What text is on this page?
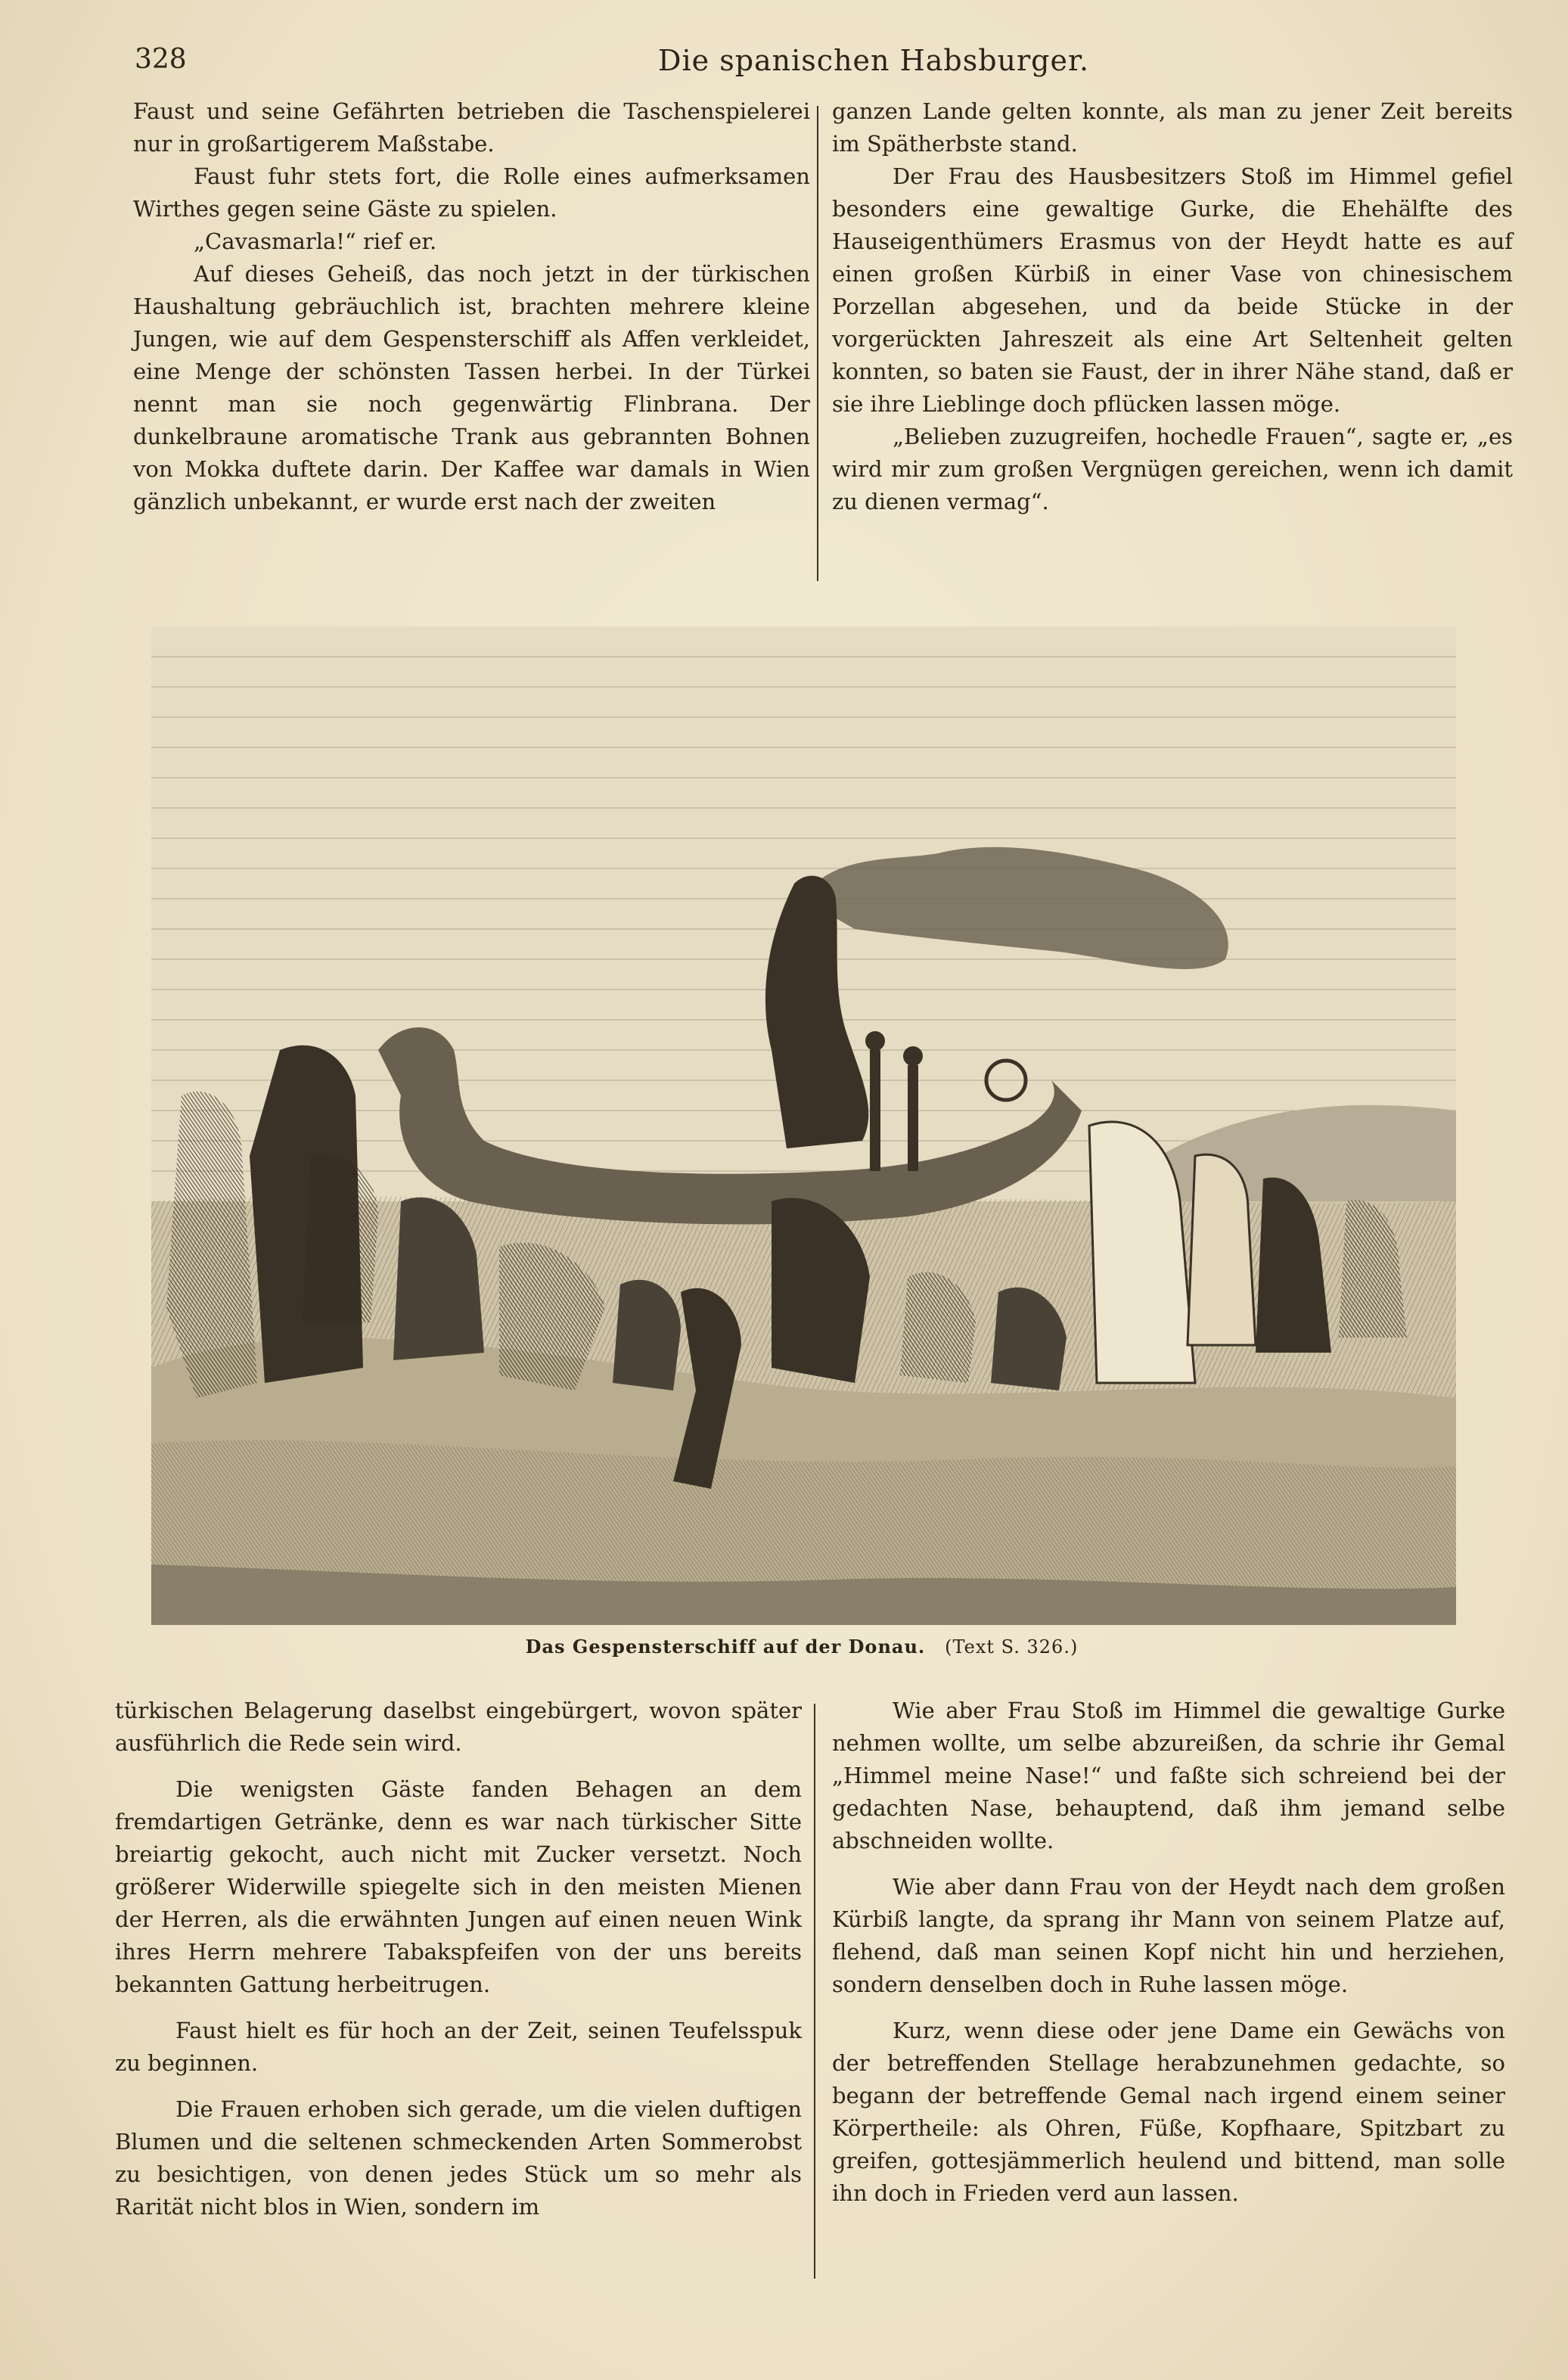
328	Die spanischen Habsburger.

Faust und seine Gefährten betrieben die Taschenspielerei nur in großartigerem Maßstabe.

Faust fuhr stets fort, die Rolle eines aufmerksamen Wirthes gegen seine Gäste zu spielen.

„Cavasmarla!“ rief er.

Auf dieses Geheiß, das noch jetzt in der türkischen Haushaltung gebräuchlich ist, brachten mehrere kleine Jungen, wie auf dem Gespensterschiff als Affen verkleidet, eine Menge der schönsten Tassen herbei. In der Türkei nennt man sie noch gegenwärtig Flinbrana. Der dunkelbraune aromatische Trank aus gebrannten Bohnen von Mokka duftete darin. Der Kaffee war damals in Wien gänzlich unbekannt, er wurde erst nach der zweiten

ganzen Lande gelten konnte, als man zu jener Zeit bereits im Spätherbste stand.

Der Frau des Hausbesitzers Stoß im Himmel gefiel besonders eine gewaltige Gurke, die Ehehälfte des Hauseigenthümers Erasmus von der Heydt hatte es auf einen großen Kürbiß in einer Vase von chinesischem Porzellan abgesehen, und da beide Stücke in der vorgerückten Jahreszeit als eine Art Seltenheit gelten konnten, so baten sie Faust, der in ihrer Nähe stand, daß er sie ihre Lieblinge doch pflücken lassen möge.

„Belieben zuzugreifen, hochedle Frauen“, sagte er, „es wird mir zum großen Vergnügen gereichen, wenn ich damit zu dienen vermag“.

Das Gespensterschiff auf der Donau. (Text S. 326.)

türkischen Belagerung daselbst eingebürgert, wovon später ausführlich die Rede sein wird.

Die wenigsten Gäste fanden Behagen an dem fremdartigen Getränke, denn es war nach türkischer Sitte breiartig gekocht, auch nicht mit Zucker versetzt. Noch größerer Widerwille spiegelte sich in den meisten Mienen der Herren, als die erwähnten Jungen auf einen neuen Wink ihres Herrn mehrere Tabakspfeifen von der uns bereits bekannten Gattung herbeitrugen.

Faust hielt es für hoch an der Zeit, seinen Teufelsspuk zu beginnen.

Die Frauen erhoben sich gerade, um die vielen duftigen Blumen und die seltenen schmeckenden Arten Sommerobst zu besichtigen, von denen jedes Stück um so mehr als Rarität nicht blos in Wien, sondern im

Wie aber Frau Stoß im Himmel die gewaltige Gurke nehmen wollte, um selbe abzureißen, da schrie ihr Gemal „Himmel meine Nase!“ und faßte sich schreiend bei der gedachten Nase, behauptend, daß ihm jemand selbe abschneiden wollte.

Wie aber dann Frau von der Heydt nach dem großen Kürbiß langte, da sprang ihr Mann von seinem Platze auf, flehend, daß man seinen Kopf nicht hin und herziehen, sondern denselben doch in Ruhe lassen möge.

Kurz, wenn diese oder jene Dame ein Gewächs von der betreffenden Stellage herabzunehmen gedachte, so begann der betreffende Gemal nach irgend einem seiner Körpertheile: als Ohren, Füße, Kopfhaare, Spitzbart zu greifen, gottesjämmerlich heulend und bittend, man solle ihn doch in Frieden verd aun lassen.
